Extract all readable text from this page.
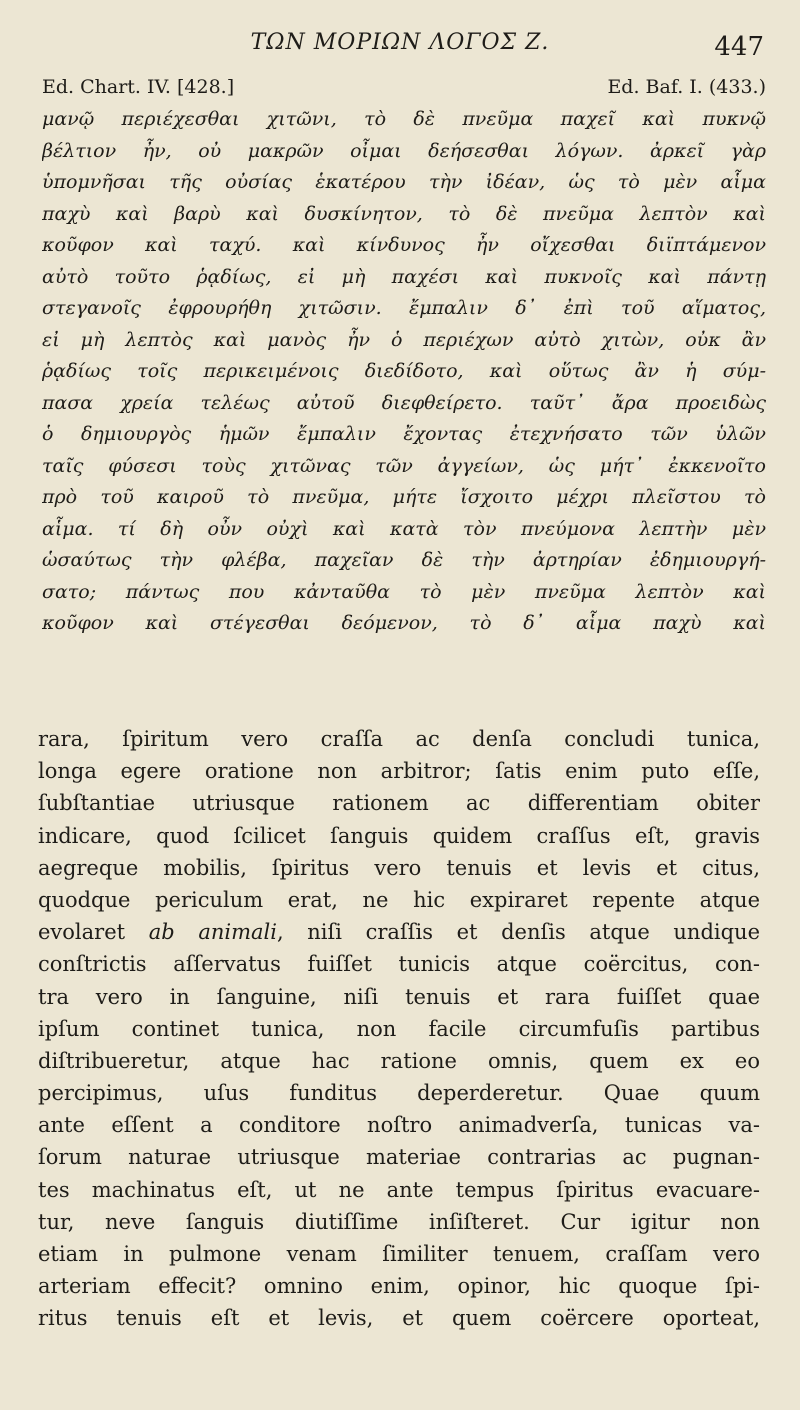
ΤΩΝ ΜΟΡΙΩΝ ΛΟΓΟΣ Ζ.	447
Ed. Chart. IV. [428.]	Ed. Baf. I. (433.)
μανῷ περιέχεσθαι χιτῶνι, τὸ δὲ πνεῦμα παχεῖ καὶ πυκνῷ
βέλτιον ἦν, οὐ μακρῶν οἶμαι δεήσεσθαι λόγων. ἀρκεῖ γὰρ
ὑπομνῆσαι τῆς οὐσίας ἑκατέρου τὴν ἰδέαν, ὡς τὸ μὲν αἷμα
παχὺ καὶ βαρὺ καὶ δυσκίνητον, τὸ δὲ πνεῦμα λεπτὸν καὶ
κοῦφον καὶ ταχύ. καὶ κίνδυνος ἦν οἴχεσθαι διϊπτάμενον
αὐτὸ τοῦτο ῥᾳδίως, εἰ μὴ παχέσι καὶ πυκνοῖς καὶ πάντῃ
στεγανοῖς ἐφρουρήθη χιτῶσιν. ἔμπαλιν δ᾽ ἐπὶ τοῦ αἵματος,
εἰ μὴ λεπτὸς καὶ μανὸς ἦν ὁ περιέχων αὐτὸ χιτὼν, οὐκ ἂν
ῥᾳδίως τοῖς περικειμένοις διεδίδοτο, καὶ οὕτως ἂν ἡ σύμ-
πασα χρεία τελέως αὐτοῦ διεφθείρετο. ταῦτ᾽ ἄρα προειδὼς
ὁ δημιουργὸς ἡμῶν ἔμπαλιν ἔχοντας ἐτεχνήσατο τῶν ὑλῶν
ταῖς φύσεσι τοὺς χιτῶνας τῶν ἀγγείων, ὡς μήτ᾽ ἐκκενοῖτο
πρὸ τοῦ καιροῦ τὸ πνεῦμα, μήτε ἴσχοιτο μέχρι πλεῖστου τὸ
αἷμα. τί δὴ οὖν οὐχὶ καὶ κατὰ τὸν πνεύμονα λεπτὴν μὲν
ὡσαύτως τὴν φλέβα, παχεῖαν δὲ τὴν ἀρτηρίαν ἐδημιουργή-
σατο; πάντως που κἀνταῦθα τὸ μὲν πνεῦμα λεπτὸν καὶ
κοῦφον καὶ στέγεσθαι δεόμενον, τὸ δ᾽ αἷμα παχὺ καὶ
rara, ſpiritum vero craſſa ac denſa concludi tunica,
longa egere oratione non arbitror; ſatis enim puto eſſe,
ſubſtantiae utriusque rationem ac differentiam obiter
indicare, quod ſcilicet ſanguis quidem craſſus eſt, gravis
aegreque mobilis, ſpiritus vero tenuis et levis et citus,
quodque periculum erat, ne hic expiraret repente atque
evolaret ab animali, niſi craſſis et denſis atque undique
conſtrictis aſſervatus fuiſſet tunicis atque coërcitus, con-
tra vero in ſanguine, niſi tenuis et rara fuiſſet quae
ipſum continet tunica, non facile circumfuſis partibus
diſtribueretur, atque hac ratione omnis, quem ex eo
percipimus, uſus funditus deperderetur. Quae quum
ante eſſent a conditore noſtro animadverſa, tunicas va-
ſorum naturae utriusque materiae contrarias ac pugnan-
tes machinatus eſt, ut ne ante tempus ſpiritus evacuare-
tur, neve ſanguis diutiſſime inſiſteret. Cur igitur non
etiam in pulmone venam ſimiliter tenuem, craſſam vero
arteriam effecit? omnino enim, opinor, hic quoque ſpi-
ritus tenuis eſt et levis, et quem coërcere oporteat,
